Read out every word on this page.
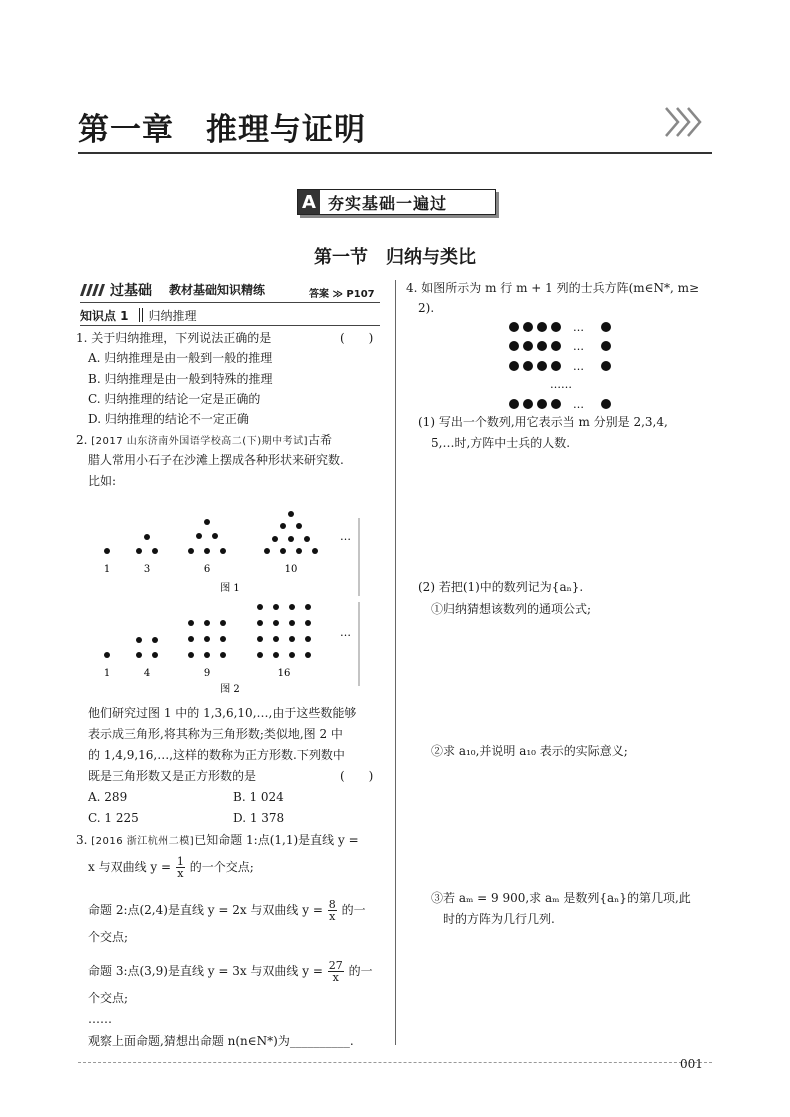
第一章　推理与证明
A 夯实基础一遍过
第一节　归纳与类比
过基础 教材基础知识精练	答案 ≫ P107
知识点 1 归纳推理
1. 关于归纳推理，下列说法正确的是	(　　)
A. 归纳推理是由一般到一般的推理
B. 归纳推理是由一般到特殊的推理
C. 归纳推理的结论一定是正确的
D. 归纳推理的结论不一定正确
2. [2017 山东济南外国语学校高二(下)期中考试]古希
腊人常用小石子在沙滩上摆成各种形状来研究数.
比如:
…
1	3	6	10
图 1
…
1	4	9	16
图 2
他们研究过图 1 中的 1,3,6,10,…,由于这些数能够
表示成三角形,将其称为三角形数;类似地,图 2 中
的 1,4,9,16,…,这样的数称为正方形数.下列数中
既是三角形数又是正方形数的是	(　　)
A. 289	B. 1 024
C. 1 225	D. 1 378
3. [2016 浙江杭州二模]已知命题 1:点(1,1)是直线 y =
x 与双曲线 $y = \frac{1}{x}$ 的一个交点;
命题 2:点(2,4)是直线 y = 2x 与双曲线 $y = \frac{8}{x}$ 的一
个交点;
命题 3:点(3,9)是直线 y = 3x 与双曲线 $y = \frac{27}{x}$ 的一
个交点;
……
观察上面命题,猜想出命题 n(n∈N*)为__________.
4. 如图所示为 m 行 m + 1 列的士兵方阵(m∈N*, m≥
2).
…
…
…
…
……
(1) 写出一个数列,用它表示当 m 分别是 2,3,4,
5,…时,方阵中士兵的人数.
(2) 若把(1)中的数列记为{aₙ}.
①归纳猜想该数列的通项公式;
②求 a₁₀,并说明 a₁₀ 表示的实际意义;
③若 aₘ = 9 900,求 aₘ 是数列{aₙ}的第几项,此
时的方阵为几行几列.
001
